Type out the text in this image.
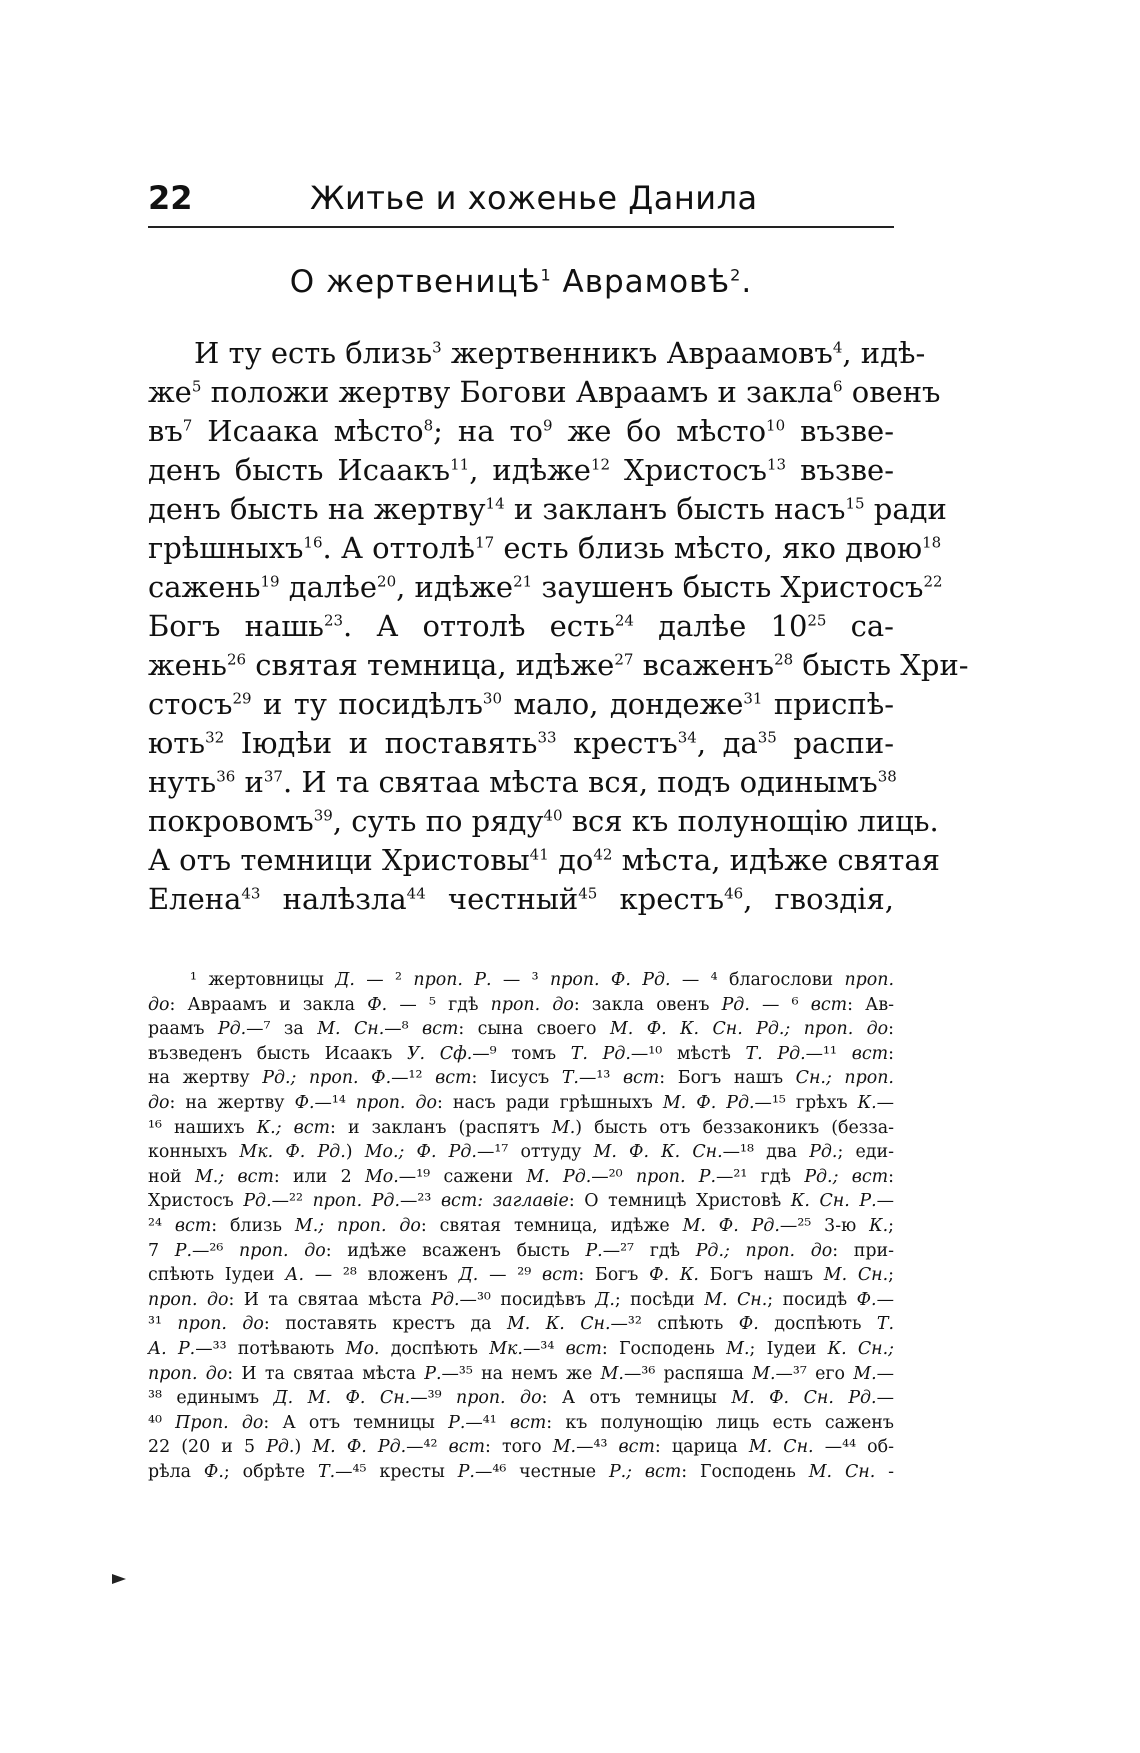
22	Житье и хоженье Данила
О жертвеницѣ$^1$ Аврамовѣ$^2$.
И ту есть близь$^3$ жертвенникъ Авраамовъ$^4$, идѣ-
$же^5$ положи жертву Богови Авраамъ и закла$^6$ овенъ
$въ^7$ Исаака мѣсто$^8$; на $то^9$ же бо мѣсто$^{10}$ възве-
денъ бысть Исаакъ$^{11}$, идѣже$^{12}$ Христосъ$^{13}$ възве-
денъ бысть на жертву$^{14}$ и закланъ бысть насъ$^{15}$ ради
грѣшныхъ$^{16}$. А оттолѣ$^{17}$ есть близь мѣсто, яко двою$^{18}$
сажень$^{19}$ далѣе$^{20}$, идѣже$^{21}$ заушенъ бысть Христосъ$^{22}$
Богъ нашь$^{23}$. А оттолѣ есть$^{24}$ далѣе $10^{25}$ са-
жень$^{26}$ святая темница, идѣже$^{27}$ всаженъ$^{28}$ бысть Хри-
стосъ$^{29}$ и ту посидѣлъ$^{30}$ мало, дондеже$^{31}$ приспѣ-
ють$^{32}$ Іюдѣи и поставять$^{33}$ крестъ$^{34}$, $да^{35}$ распи-
нуть$^{36}$ $и^{37}$. И та святаа мѣста вся, подъ одинымъ$^{38}$
покровомъ$^{39}$, суть по ряду$^{40}$ вся къ полунощію лиць.
А отъ темници Христовы$^{41}$ $до^{42}$ мѣста, идѣже святая
Елена$^{43}$ налѣзла$^{44}$ честный$^{45}$ крестъ$^{46}$, гвоздія,
¹ жертовницы Д. — ² проп. Р. — ³ проп. Ф. Рд. — ⁴ благослови проп.
до: Авраамъ и закла Ф. — ⁵ гдѣ проп. до: закла овенъ Рд. — ⁶ вст: Ав-
раамъ Рд.—⁷ за М. Сн.—⁸ вст: сына своего М. Ф. К. Сн. Рд.; проп. до:
възведенъ бысть Исаакъ У. Сф.—⁹ томъ Т. Рд.—¹⁰ мѣстѣ Т. Рд.—¹¹ вст:
на жертву Рд.; проп. Ф.—¹² вст: Іисусъ Т.—¹³ вст: Богъ нашъ Сн.; проп.
до: на жертву Ф.—¹⁴ проп. до: насъ ради грѣшныхъ М. Ф. Рд.—¹⁵ грѣхъ К.—
¹⁶ нашихъ К.; вст: и закланъ (распятъ М.) бысть отъ беззаконикъ (безза-
конныхъ Мк. Ф. Рд.) Мо.; Ф. Рд.—¹⁷ оттуду М. Ф. К. Сн.—¹⁸ два Рд.; еди-
ной М.; вст: или 2 Мо.—¹⁹ сажени М. Рд.—²⁰ проп. Р.—²¹ гдѣ Рд.; вст:
Христосъ Рд.—²² проп. Рд.—²³ вст: заглавіе: О темницѣ Христовѣ К. Сн. Р.—
²⁴ вст: близь М.; проп. до: святая темница, идѣже М. Ф. Рд.—²⁵ 3-ю К.;
7 Р.—²⁶ проп. до: идѣже всаженъ бысть Р.—²⁷ гдѣ Рд.; проп. до: при-
спѣють Іудеи А. — ²⁸ вложенъ Д. — ²⁹ вст: Богъ Ф. К. Богъ нашъ М. Сн.;
проп. до: И та святаа мѣста Рд.—³⁰ посидѣвъ Д.; посѣди М. Сн.; посидѣ Ф.—
³¹ проп. до: поставять крестъ да М. К. Сн.—³² спѣють Ф. доспѣють Т.
А. Р.—³³ потѣвають Мо. доспѣють Мк.—³⁴ вст: Господень М.; Іудеи К. Сн.;
проп. до: И та святаа мѣста Р.—³⁵ на немъ же М.—³⁶ распяша М.—³⁷ его М.—
³⁸ единымъ Д. М. Ф. Сн.—³⁹ проп. до: А отъ темницы М. Ф. Сн. Рд.—
⁴⁰ Проп. до: А отъ темницы Р.—⁴¹ вст: къ полунощію лиць есть саженъ
22 (20 и 5 Рд.) М. Ф. Рд.—⁴² вст: того М.—⁴³ вст: царица М. Сн. —⁴⁴ об-
рѣла Ф.; обрѣте Т.—⁴⁵ кресты Р.—⁴⁶ честные Р.; вст: Господень М. Сн. -
